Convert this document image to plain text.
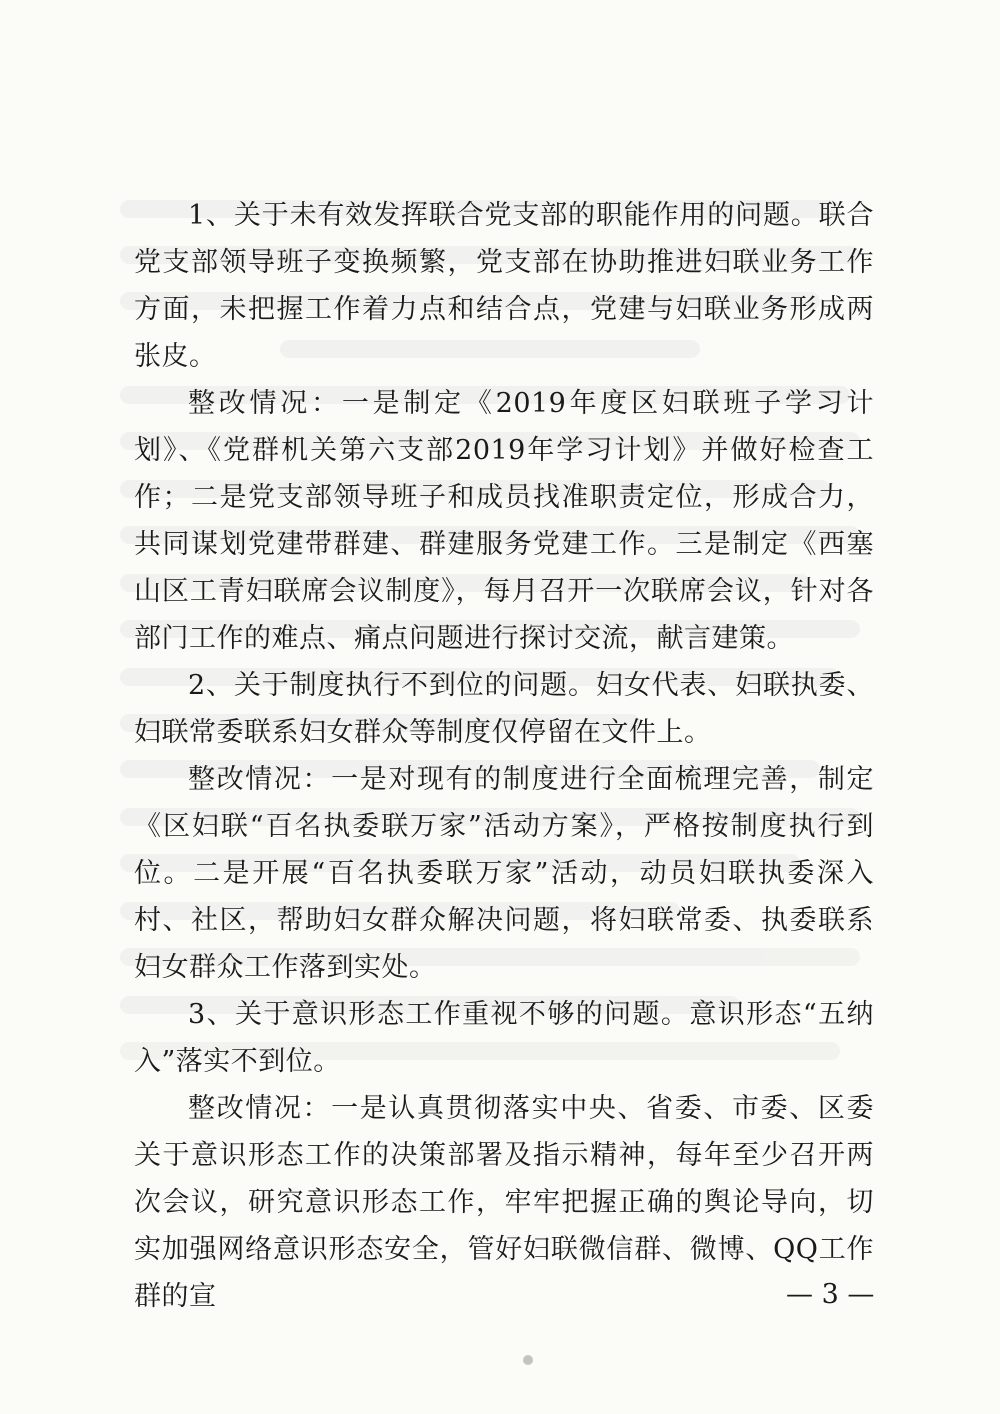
1、关于未有效发挥联合党支部的职能作用的问题。联合党支部领导班子变换频繁，党支部在协助推进妇联业务工作方面，未把握工作着力点和结合点，党建与妇联业务形成两张皮。

整改情况：一是制定《2019年度区妇联班子学习计划》、《党群机关第六支部2019年学习计划》并做好检查工作；二是党支部领导班子和成员找准职责定位，形成合力，共同谋划党建带群建、群建服务党建工作。三是制定《西塞山区工青妇联席会议制度》，每月召开一次联席会议，针对各部门工作的难点、痛点问题进行探讨交流，献言建策。

2、关于制度执行不到位的问题。妇女代表、妇联执委、妇联常委联系妇女群众等制度仅停留在文件上。

整改情况：一是对现有的制度进行全面梳理完善，制定《区妇联“百名执委联万家”活动方案》，严格按制度执行到位。二是开展“百名执委联万家”活动，动员妇联执委深入村、社区，帮助妇女群众解决问题，将妇联常委、执委联系妇女群众工作落到实处。

3、关于意识形态工作重视不够的问题。意识形态“五纳入”落实不到位。

整改情况：一是认真贯彻落实中央、省委、市委、区委关于意识形态工作的决策部署及指示精神，每年至少召开两次会议，研究意识形态工作，牢牢把握正确的舆论导向，切实加强网络意识形态安全，管好妇联微信群、微博、QQ工作群的宣	— 3 —
